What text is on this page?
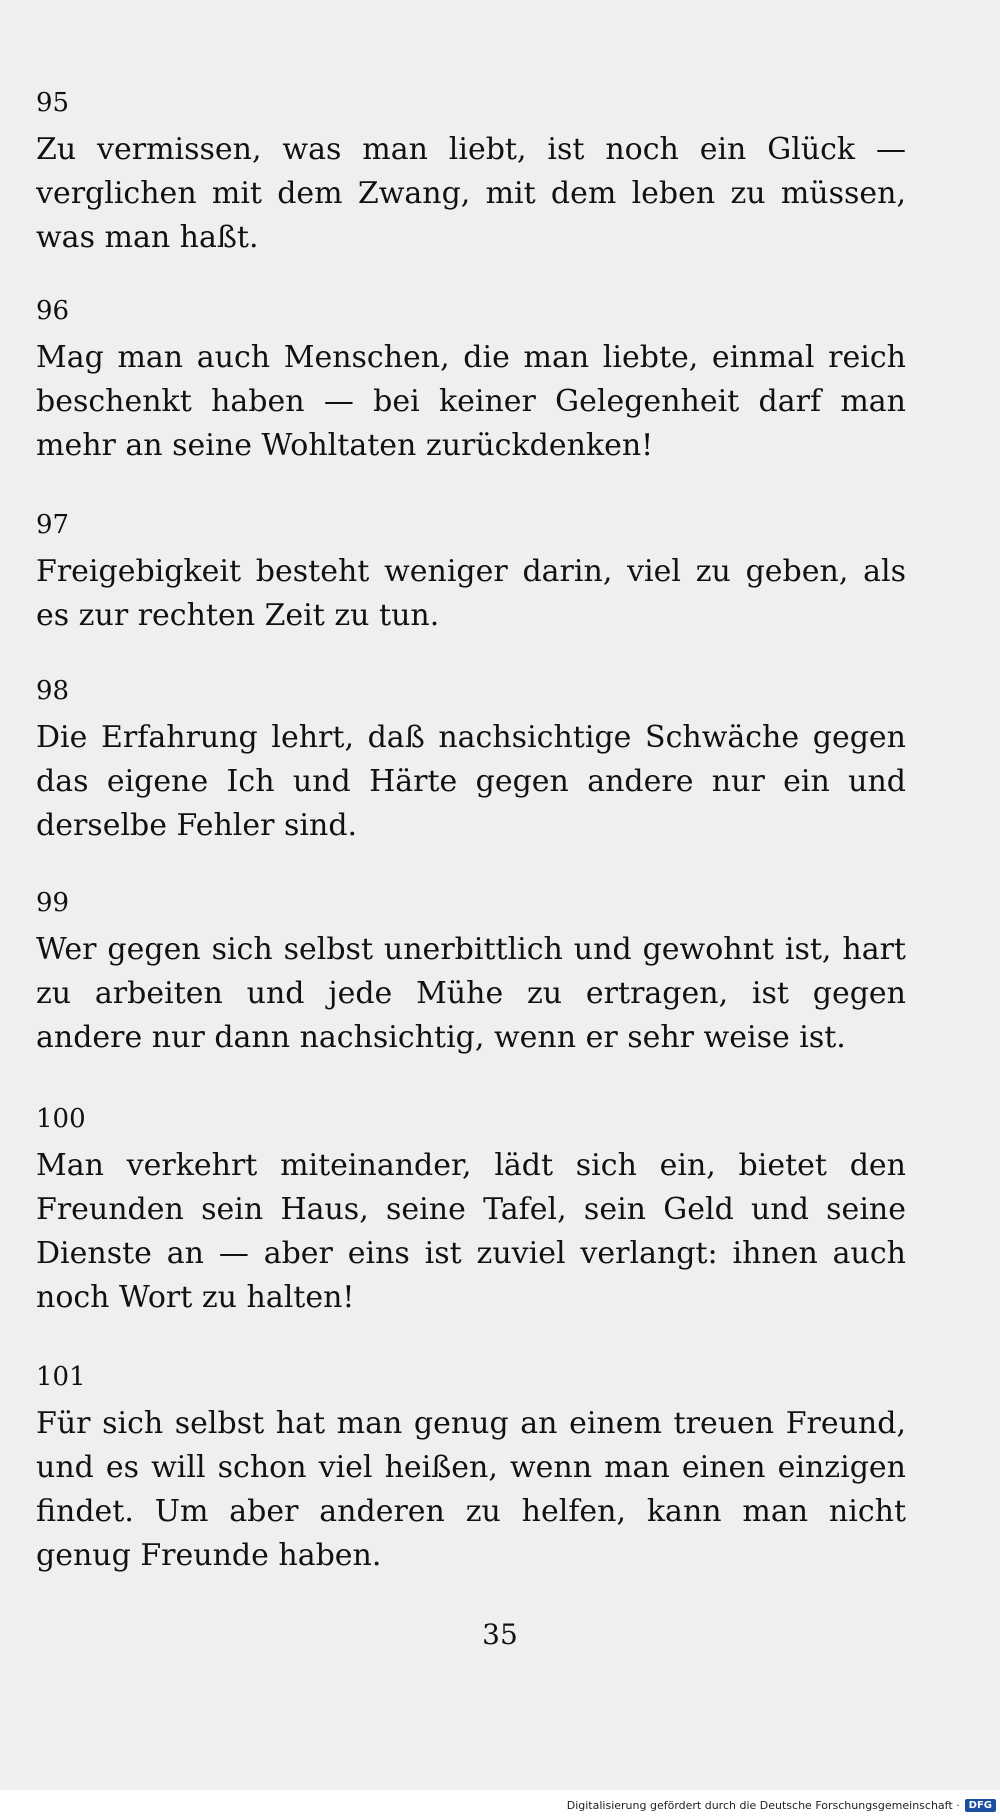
95
Zu vermissen, was man liebt, ist noch ein Glück — verglichen mit dem Zwang, mit dem leben zu müssen, was man haßt.
96
Mag man auch Menschen, die man liebte, einmal reich beschenkt haben — bei keiner Gelegenheit darf man mehr an seine Wohltaten zurückdenken!
97
Freigebigkeit besteht weniger darin, viel zu geben, als es zur rechten Zeit zu tun.
98
Die Erfahrung lehrt, daß nachsichtige Schwäche gegen das eigene Ich und Härte gegen andere nur ein und derselbe Fehler sind.
99
Wer gegen sich selbst unerbittlich und gewohnt ist, hart zu arbeiten und jede Mühe zu ertragen, ist gegen andere nur dann nachsichtig, wenn er sehr weise ist.
100
Man verkehrt miteinander, lädt sich ein, bietet den Freunden sein Haus, seine Tafel, sein Geld und seine Dienste an — aber eins ist zuviel verlangt: ihnen auch noch Wort zu halten!
101
Für sich selbst hat man genug an einem treuen Freund, und es will schon viel heißen, wenn man einen einzigen findet. Um aber anderen zu helfen, kann man nicht genug Freunde haben.
35
Digitalisierung gefördert durch die Deutsche Forschungsgemeinschaft · DFG
